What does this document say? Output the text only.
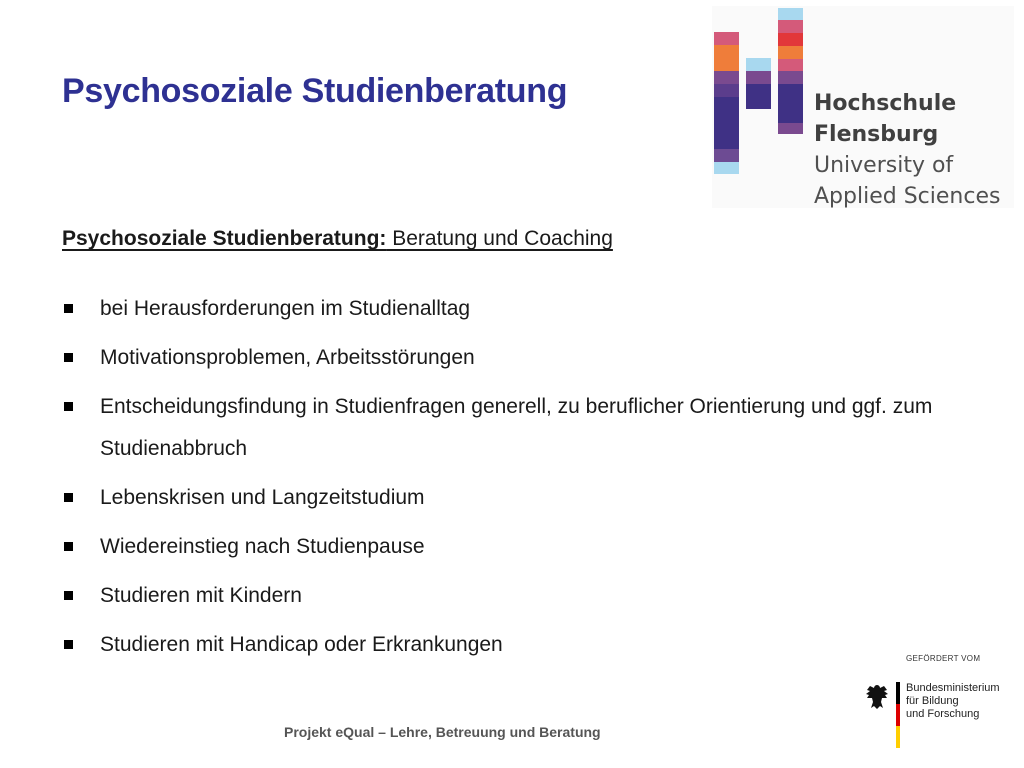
Psychosoziale Studienberatung	Hochschule
Flensburg
University of
Applied Sciences
Psychosoziale Studienberatung: Beratung und Coaching
bei Herausforderungen im Studienalltag
Motivationsproblemen, Arbeitsstörungen
Entscheidungsfindung in Studienfragen generell, zu beruflicher Orientierung und ggf. zum Studienabbruch
Lebenskrisen und Langzeitstudium
Wiedereinstieg nach Studienpause
Studieren mit Kindern
Studieren mit Handicap oder Erkrankungen
Projekt eQual – Lehre, Betreuung und Beratung
GEFÖRDERT VOM
Bundesministerium
für Bildung
und Forschung
